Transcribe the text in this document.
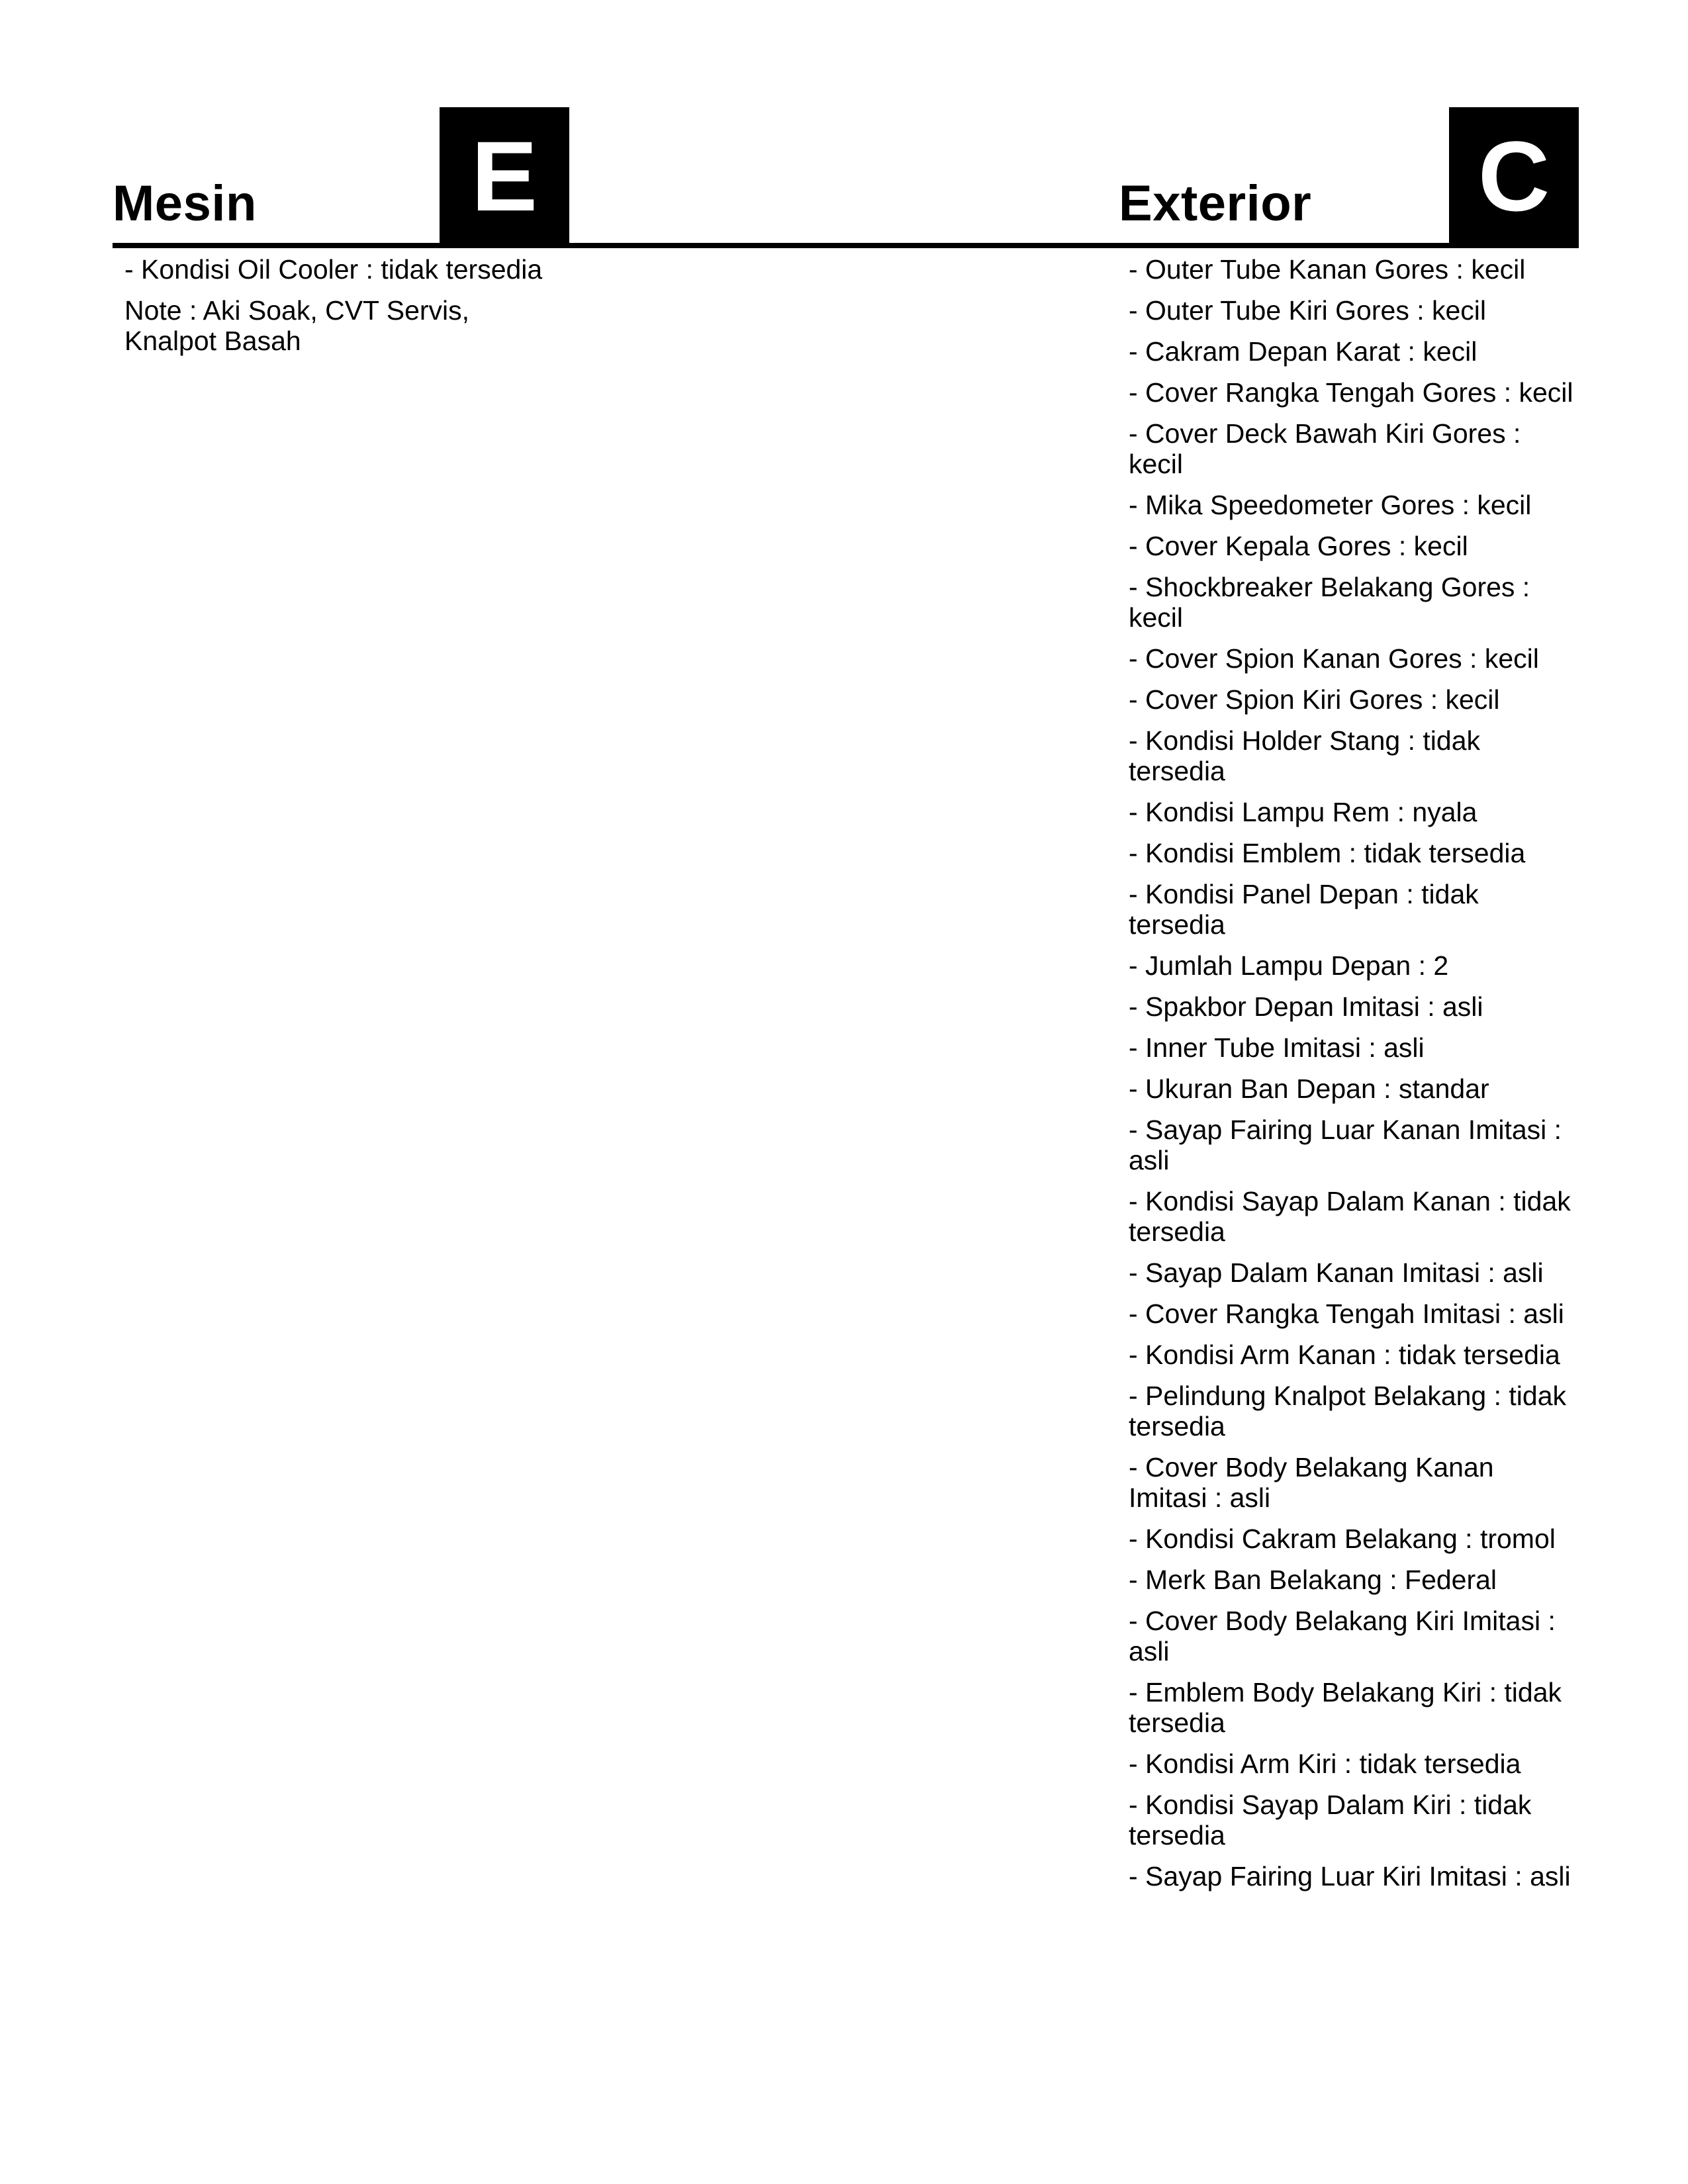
Mesin	E	Exterior C
- Kondisi Oil Cooler : tidak tersedia
Note : Aki Soak, CVT Servis, Knalpot Basah
- Outer Tube Kanan Gores : kecil
- Outer Tube Kiri Gores : kecil
- Cakram Depan Karat : kecil
- Cover Rangka Tengah Gores : kecil
- Cover Deck Bawah Kiri Gores : kecil
- Mika Speedometer Gores : kecil
- Cover Kepala Gores : kecil
- Shockbreaker Belakang Gores : kecil
- Cover Spion Kanan Gores : kecil
- Cover Spion Kiri Gores : kecil
- Kondisi Holder Stang : tidak tersedia
- Kondisi Lampu Rem : nyala
- Kondisi Emblem : tidak tersedia
- Kondisi Panel Depan : tidak tersedia
- Jumlah Lampu Depan : 2
- Spakbor Depan Imitasi : asli
- Inner Tube Imitasi : asli
- Ukuran Ban Depan : standar
- Sayap Fairing Luar Kanan Imitasi : asli
- Kondisi Sayap Dalam Kanan : tidak tersedia
- Sayap Dalam Kanan Imitasi : asli
- Cover Rangka Tengah Imitasi : asli
- Kondisi Arm Kanan : tidak tersedia
- Pelindung Knalpot Belakang : tidak tersedia
- Cover Body Belakang Kanan Imitasi : asli
- Kondisi Cakram Belakang : tromol
- Merk Ban Belakang : Federal
- Cover Body Belakang Kiri Imitasi : asli
- Emblem Body Belakang Kiri : tidak tersedia
- Kondisi Arm Kiri : tidak tersedia
- Kondisi Sayap Dalam Kiri : tidak tersedia
- Sayap Fairing Luar Kiri Imitasi : asli
